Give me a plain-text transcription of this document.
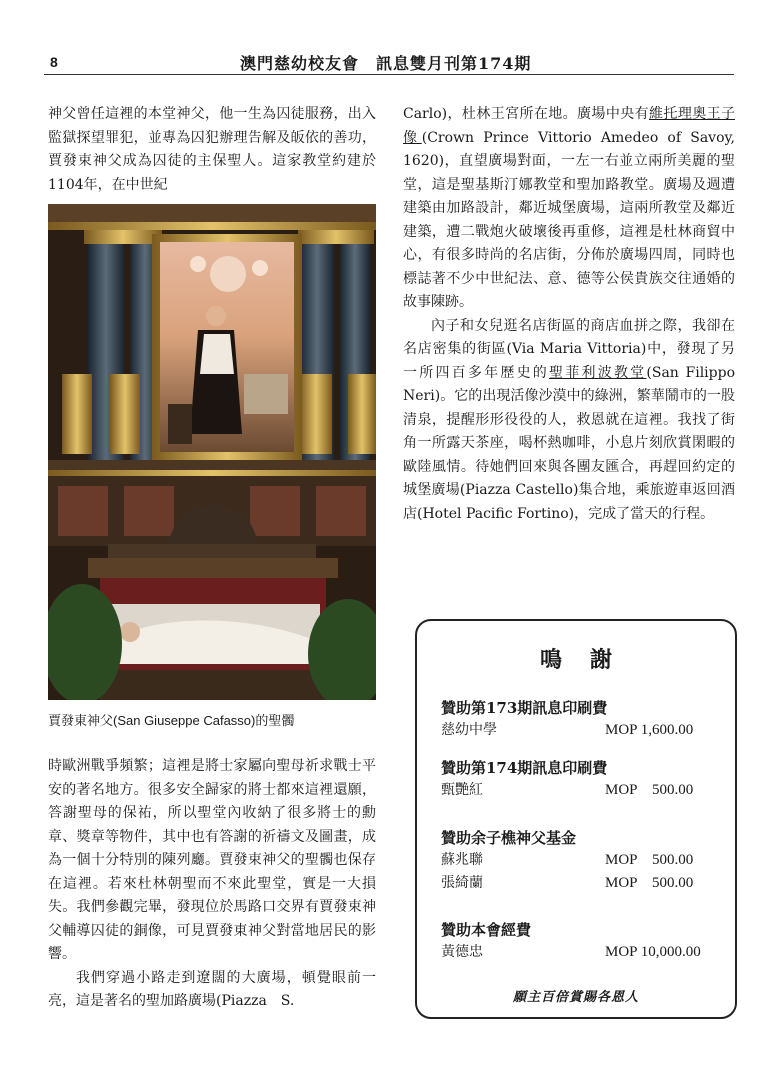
8	澳門慈幼校友會　訊息雙月刊第174期

神父曾任這裡的本堂神父，他一生為囚徒服務，出入監獄探望罪犯，並專為囚犯辦理告解及皈依的善功，賈發束神父成為囚徒的主保聖人。這家教堂約建於1104年，在中世紀

賈發東神父(San Giuseppe Cafasso)的聖髑

時歐洲戰爭頻繁；這裡是將士家屬向聖母祈求戰士平安的著名地方。很多安全歸家的將士都來這裡還願，答謝聖母的保祐，所以聖堂內收納了很多將士的勳章、獎章等物件，其中也有答謝的祈禱文及圖畫，成為一個十分特別的陳列廳。賈發束神父的聖髑也保存在這裡。若來杜林朝聖而不來此聖堂，實是一大損失。我們參觀完畢，發現位於馬路口交界有賈發束神父輔導囚徒的銅像，可見賈發東神父對當地居民的影響。

我們穿過小路走到遼闊的大廣場，頓覺眼前一亮，這是著名的聖加路廣場(Piazza　S.

Carlo)，杜林王宮所在地。廣場中央有維托理奧王子像(Crown Prince Vittorio Amedeo of Savoy, 1620)，直望廣場對面，一左一右並立兩所美麗的聖堂，這是聖基斯汀娜教堂和聖加路教堂。廣場及週遭建築由加路設計，鄰近城堡廣場，這兩所教堂及鄰近建築，遭二戰炮火破壞後再重修，這裡是杜林商貿中心，有很多時尚的名店街，分佈於廣場四周，同時也標誌著不少中世紀法、意、德等公侯貴族交往通婚的故事陳跡。

內子和女兒逛名店街區的商店血拼之際，我卻在名店密集的街區(Via Maria Vittoria)中，發現了另一所四百多年歷史的聖菲利波教堂(San Filippo Neri)。它的出現活像沙漠中的綠洲，繁華鬧市的一股清泉，提醒形形役役的人，救恩就在這裡。我找了街角一所露天茶座，喝杯熱咖啡，小息片刻欣賞閑暇的歐陸風情。待她們回來與各團友匯合，再趕回約定的城堡廣場(Piazza Castello)集合地，乘旅遊車返回酒店(Hotel Pacific Fortino)，完成了當天的行程。

鳴謝
贊助第173期訊息印刷費
慈幼中學	MOP 1,600.00
贊助第174期訊息印刷費
甄艷紅	MOP    500.00
贊助余子樵神父基金
蘇兆聯	MOP    500.00
張綺蘭	MOP    500.00
贊助本會經費
黃德忠	MOP 10,000.00
願主百倍賞賜各恩人
